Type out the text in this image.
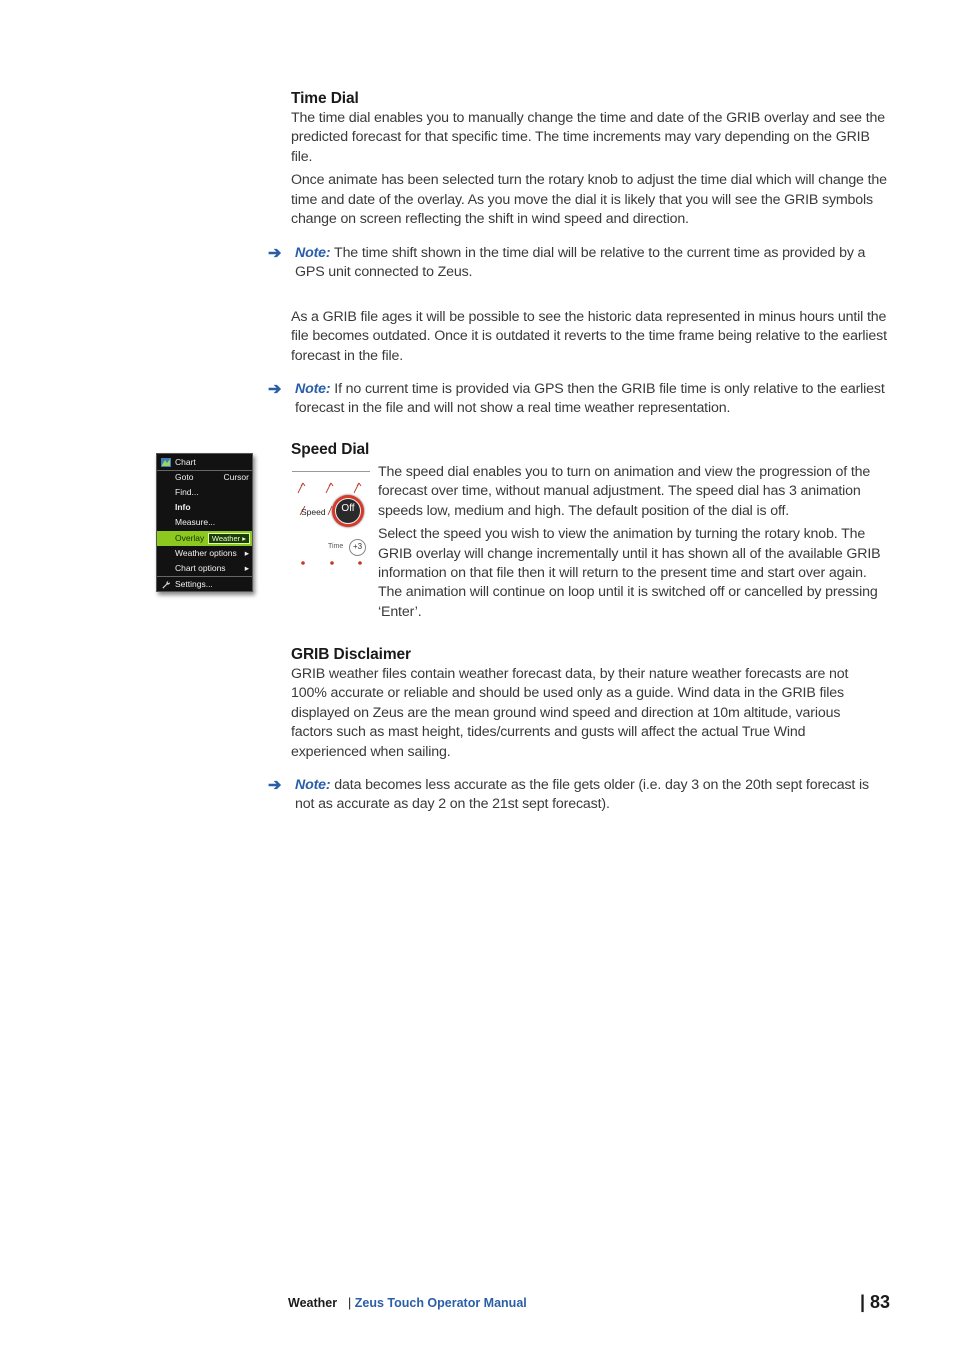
Time Dial

The time dial enables you to manually change the time and date of the GRIB overlay and see the predicted forecast for that specific time. The time increments may vary depending on the GRIB file.

Once animate has been selected turn the rotary knob to adjust the time dial which will change the time and date of the overlay. As you move the dial it is likely that you will see the GRIB symbols change on screen reflecting the shift in wind speed and direction.

➔ Note: The time shift shown in the time dial will be relative to the current time as provided by a GPS unit connected to Zeus.

As a GRIB file ages it will be possible to see the historic data represented in minus hours until the file becomes outdated. Once it is outdated it reverts to the time frame being relative to the earliest forecast in the file.

➔ Note: If no current time is provided via GPS then the GRIB file time is only relative to the earliest forecast in the file and will not show a real time weather representation.
Chart
Goto	Cursor
Find...
Info
Measure...
Overlay	Weather ▸
Weather options ▸
Chart options ▸
Settings...
Speed Dial
Speed	Off
Time	+3

The speed dial enables you to turn on animation and view the progression of the forecast over time, without manual adjustment. The speed dial has 3 animation speeds low, medium and high. The default position of the dial is off.

Select the speed you wish to view the animation by turning the rotary knob. The GRIB overlay will change incrementally until it has shown all of the available GRIB information on that file then it will return to the present time and start over again. The animation will continue on loop until it is switched off or cancelled by pressing ‘Enter’.

GRIB Disclaimer

GRIB weather files contain weather forecast data, by their nature weather forecasts are not 100% accurate or reliable and should be used only as a guide. Wind data in the GRIB files displayed on Zeus are the mean ground wind speed and direction at 10m altitude, various factors such as mast height, tides/currents and gusts will affect the actual True Wind experienced when sailing.

➔ Note: data becomes less accurate as the file gets older (i.e. day 3 on the 20th sept forecast is not as accurate as day 2 on the 21st sept forecast).
Weather | Zeus Touch Operator Manual	| 83
